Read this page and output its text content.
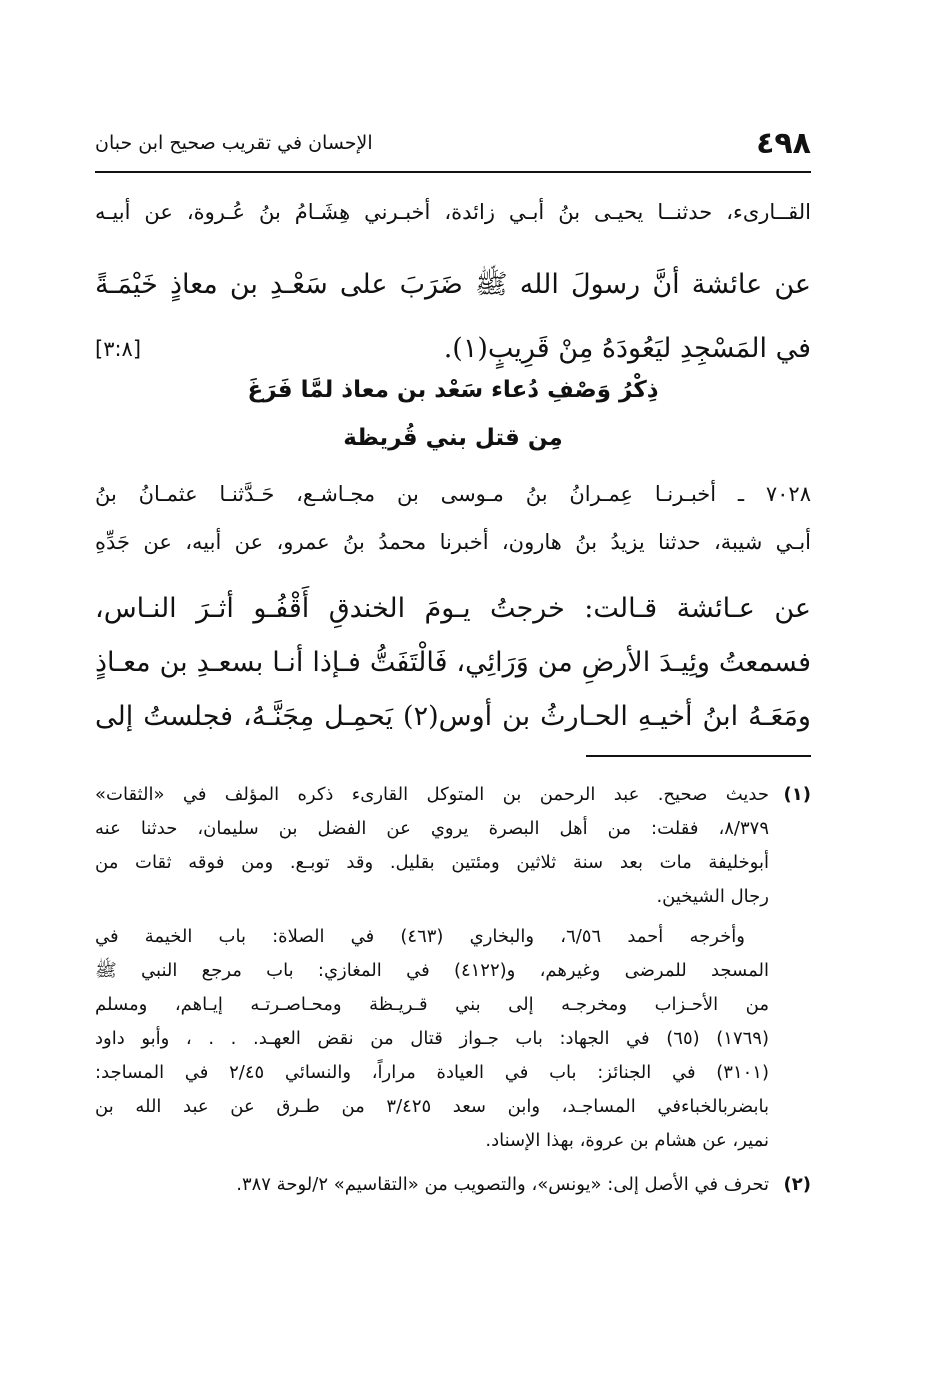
٤٩٨
الإحسان في تقريب صحيح ابن حبان
القــارىء، حدثنــا يحيـى بنُ أبـي زائدة، أخبـرني هِشَـامُ بنُ عُـروة، عن أبيـه
عن عائشة أنَّ رسولَ الله ﷺ ضَرَبَ على سَعْـدِ بن معاذٍ خَيْمَـةً
في المَسْجِدِ ليَعُودَهُ مِنْ قَرِيبٍ(١).
[٣:٨]
ذِكْرُ وَصْفِ دُعاء سَعْد بن معاذ لمَّا فَرَغَ
مِن قتل بني قُريظة
٧٠٢٨ ـ أخبـرنـا عِمـرانُ بنُ مـوسى بن مجـاشـع، حَـدَّثنـا عثمـانُ بنُ
أبـي شيبة، حدثنا يزيدُ بنُ هارون، أخبرنا محمدُ بنُ عمرو، عن أبيه، عن جَدِّهِ
عن عـائشة قـالت: خرجتُ يـومَ الخندقِ أَقْفُـو أثـرَ النـاس،
فسمعتُ وئِيـدَ الأرضِ من وَرَائِي، فَالْتَفَتُّ فـإذا أنـا بسعـدِ بن معـاذٍ
ومَعَـهُ ابنُ أخيـهِ الحـارثُ بن أوس(٢) يَحمِـل مِجَنَّـهُ، فجلستُ إلى
(١)
حديث صحيح. عبد الرحمن بن المتوكل القارىء ذكره المؤلف في «الثقات»
٨/٣٧٩، فقلت: من أهل البصرة يروي عن الفضل بن سليمان، حدثنا عنه
أبوخليفة مات بعد سنة ثلاثين ومئتين بقليل. وقد توبـع. ومن فوقه ثقات من
رجال الشيخين.
وأخرجه أحمد ٦/٥٦، والبخاري (٤٦٣) في الصلاة: باب الخيمة في
المسجد للمرضى وغيرهم، و(٤١٢٢) في المغازي: باب مرجع النبي ﷺ
من الأحـزاب ومخرجـه إلى بني قـريـظة ومحـاصـرتـه إيـاهم، ومسلم
(١٧٦٩) (٦٥) في الجهاد: باب جـواز قتال من نقض العهـد. . . ، وأبو داود
(٣١٠١) في الجنائز: باب في العيادة مراراً، والنسائي ٢/٤٥ في المساجد:
بابضربالخباءفي المساجـد، وابن سعد ٣/٤٢٥ من طـرق عن عبد الله بن
نمير، عن هشام بن عروة، بهذا الإسناد.
(٢)
تحرف في الأصل إلى: «يونس»، والتصويب من «التقاسيم» ٢/لوحة ٣٨٧.
